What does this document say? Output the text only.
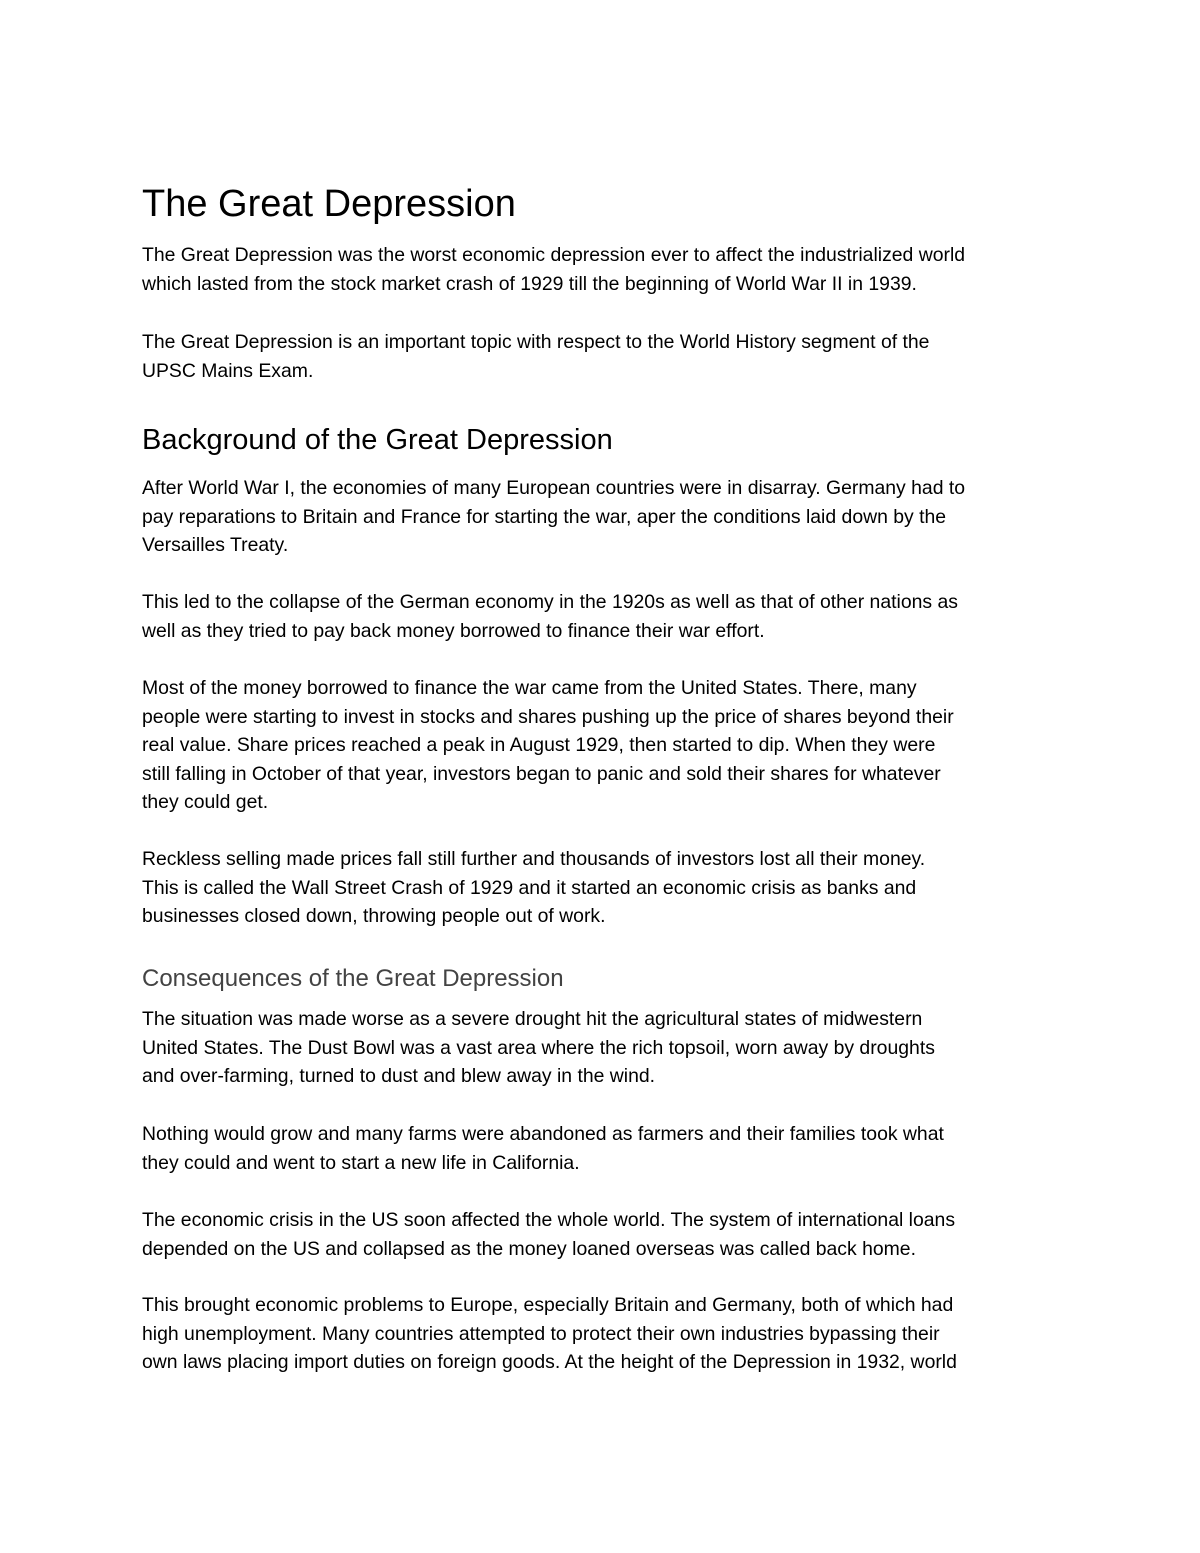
The Great Depression

The Great Depression was the worst economic depression ever to affect the industrialized world
which lasted from the stock market crash of 1929 till the beginning of World War II in 1939.

The Great Depression is an important topic with respect to the World History segment of the
UPSC Mains Exam.

Background of the Great Depression

After World War I, the economies of many European countries were in disarray. Germany had to
pay reparations to Britain and France for starting the war, aper the conditions laid down by the
Versailles Treaty.

This led to the collapse of the German economy in the 1920s as well as that of other nations as
well as they tried to pay back money borrowed to finance their war effort.

Most of the money borrowed to finance the war came from the United States. There, many
people were starting to invest in stocks and shares pushing up the price of shares beyond their
real value. Share prices reached a peak in August 1929, then started to dip. When they were
still falling in October of that year, investors began to panic and sold their shares for whatever
they could get.

Reckless selling made prices fall still further and thousands of investors lost all their money.
This is called the Wall Street Crash of 1929 and it started an economic crisis as banks and
businesses closed down, throwing people out of work.

Consequences of the Great Depression

The situation was made worse as a severe drought hit the agricultural states of midwestern
United States. The Dust Bowl was a vast area where the rich topsoil, worn away by droughts
and over-farming, turned to dust and blew away in the wind.

Nothing would grow and many farms were abandoned as farmers and their families took what
they could and went to start a new life in California.

The economic crisis in the US soon affected the whole world. The system of international loans
depended on the US and collapsed as the money loaned overseas was called back home.

This brought economic problems to Europe, especially Britain and Germany, both of which had
high unemployment. Many countries attempted to protect their own industries bypassing their
own laws placing import duties on foreign goods. At the height of the Depression in 1932, world
